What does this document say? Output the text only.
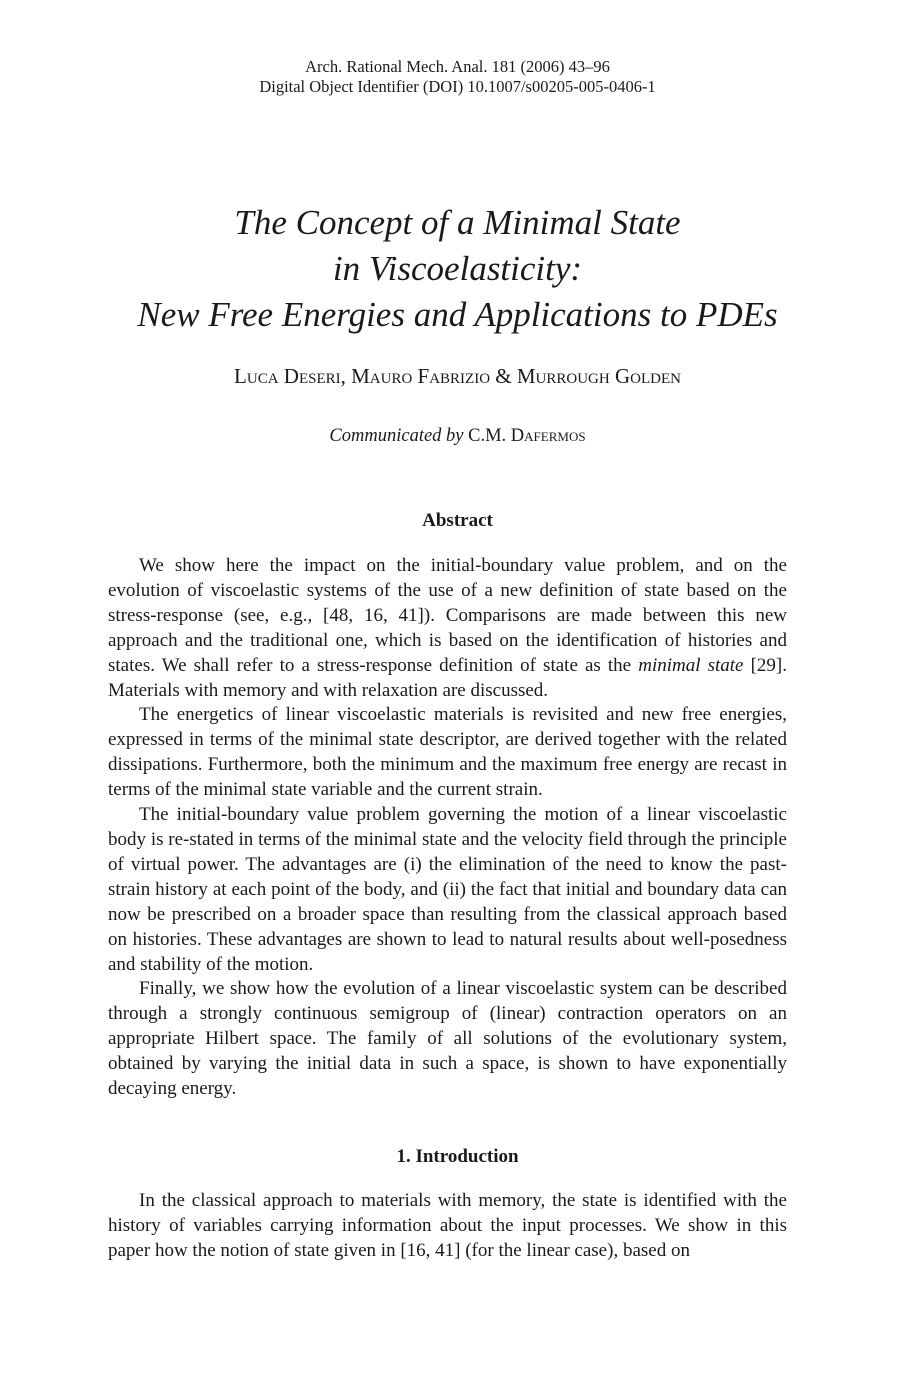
Arch. Rational Mech. Anal. 181 (2006) 43–96
Digital Object Identifier (DOI) 10.1007/s00205-005-0406-1
The Concept of a Minimal State
in Viscoelasticity:
New Free Energies and Applications to PDEs
Luca Deseri, Mauro Fabrizio & Murrough Golden
Communicated by C.M. Dafermos
Abstract

We show here the impact on the initial-boundary value problem, and on the evolution of viscoelastic systems of the use of a new definition of state based on the stress-response (see, e.g., [48, 16, 41]). Comparisons are made between this new approach and the traditional one, which is based on the identification of histories and states. We shall refer to a stress-response definition of state as the minimal state [29]. Materials with memory and with relaxation are discussed.

The energetics of linear viscoelastic materials is revisited and new free energies, expressed in terms of the minimal state descriptor, are derived together with the related dissipations. Furthermore, both the minimum and the maximum free energy are recast in terms of the minimal state variable and the current strain.

The initial-boundary value problem governing the motion of a linear viscoelastic body is re-stated in terms of the minimal state and the velocity field through the principle of virtual power. The advantages are (i) the elimination of the need to know the past-strain history at each point of the body, and (ii) the fact that initial and boundary data can now be prescribed on a broader space than resulting from the classical approach based on histories. These advantages are shown to lead to natural results about well-posedness and stability of the motion.

Finally, we show how the evolution of a linear viscoelastic system can be described through a strongly continuous semigroup of (linear) contraction operators on an appropriate Hilbert space. The family of all solutions of the evolutionary system, obtained by varying the initial data in such a space, is shown to have exponentially decaying energy.

1. Introduction

In the classical approach to materials with memory, the state is identified with the history of variables carrying information about the input processes. We show in this paper how the notion of state given in [16, 41] (for the linear case), based on
